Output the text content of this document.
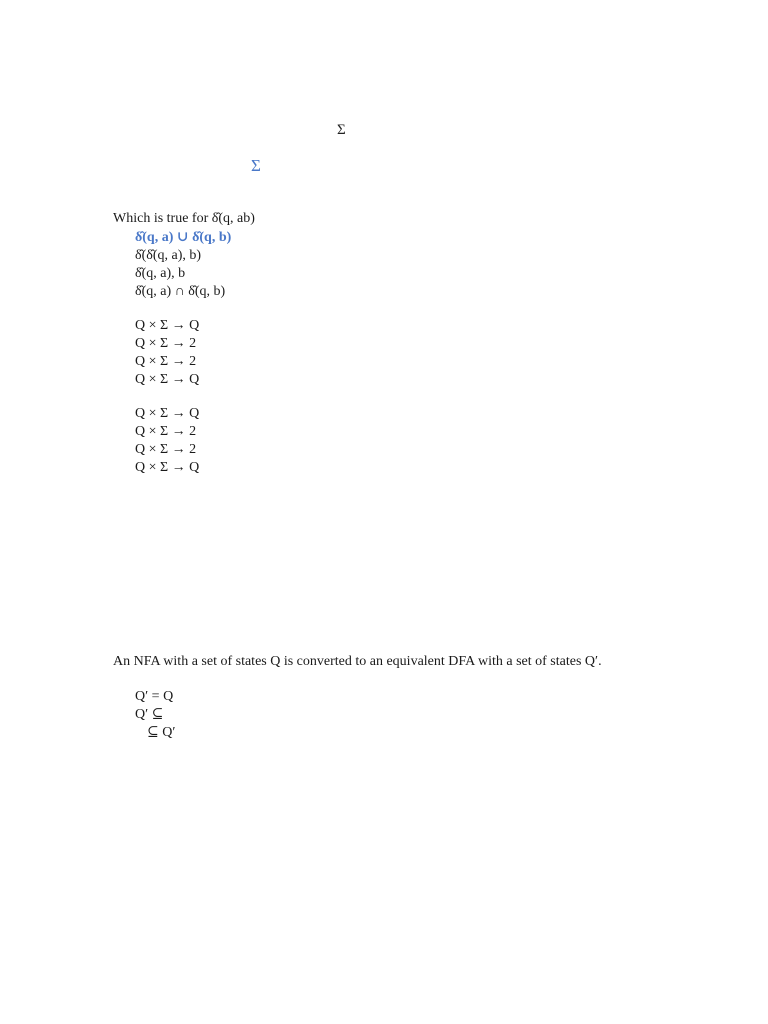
Σ
Σ
Which is true for δ̂(q, ab)
δ̂(q, a) ∪ δ̂(q, b)
δ̂(δ̂(q, a), b)
δ̂(q, a), b
δ̂(q, a) ∩ δ̂(q, b)
Q × Σ → Q
Q × Σ → 2
Q × Σ → 2
Q × Σ → Q
Q × Σ → Q
Q × Σ → 2
Q × Σ → 2
Q × Σ → Q
An NFA with a set of states Q is converted to an equivalent DFA with a set of states Q′.
Q′ = Q
Q′ ⊆
⊆ Q′
